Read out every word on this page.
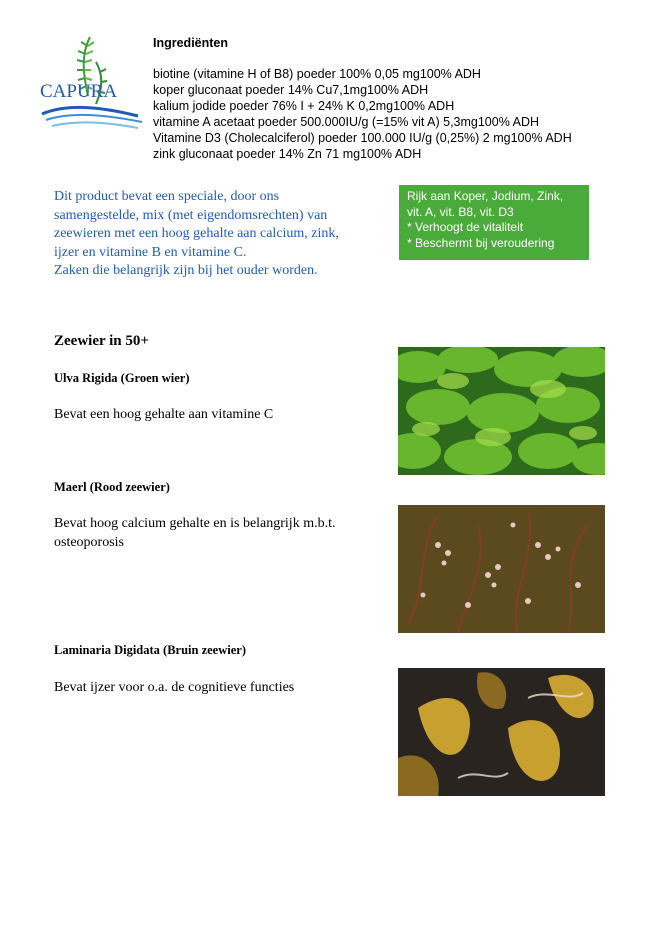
CAPURA
Ingrediënten
biotine (vitamine H of B8) poeder 100% 0,05 mg100% ADH
koper gluconaat poeder 14% Cu7,1mg100% ADH
kalium jodide poeder 76% I + 24% K 0,2mg100% ADH
vitamine A acetaat poeder 500.000IU/g (=15% vit A) 5,3mg100% ADH
Vitamine D3 (Cholecalciferol) poeder 100.000 IU/g (0,25%) 2 mg100% ADH
zink gluconaat poeder 14% Zn 71 mg100% ADH

Dit product bevat een speciale, door ons

samengestelde, mix (met eigendomsrechten) van

zeewieren met een hoog gehalte aan calcium, zink,

ijzer en vitamine B en vitamine C.

Zaken die belangrijk zijn bij het ouder worden.

Rijk aan Koper, Jodium, Zink,
vit. A, vit. B8, vit. D3
* Verhoogt de vitaliteit
* Beschermt bij veroudering
Zeewier in 50+
Ulva Rigida (Groen wier)
Bevat een hoog gehalte aan vitamine C
Maerl (Rood zeewier)
Bevat hoog calcium gehalte en is belangrijk m.b.t. osteoporosis
Laminaria Digidata (Bruin zeewier)
Bevat ijzer voor o.a. de cognitieve functies
